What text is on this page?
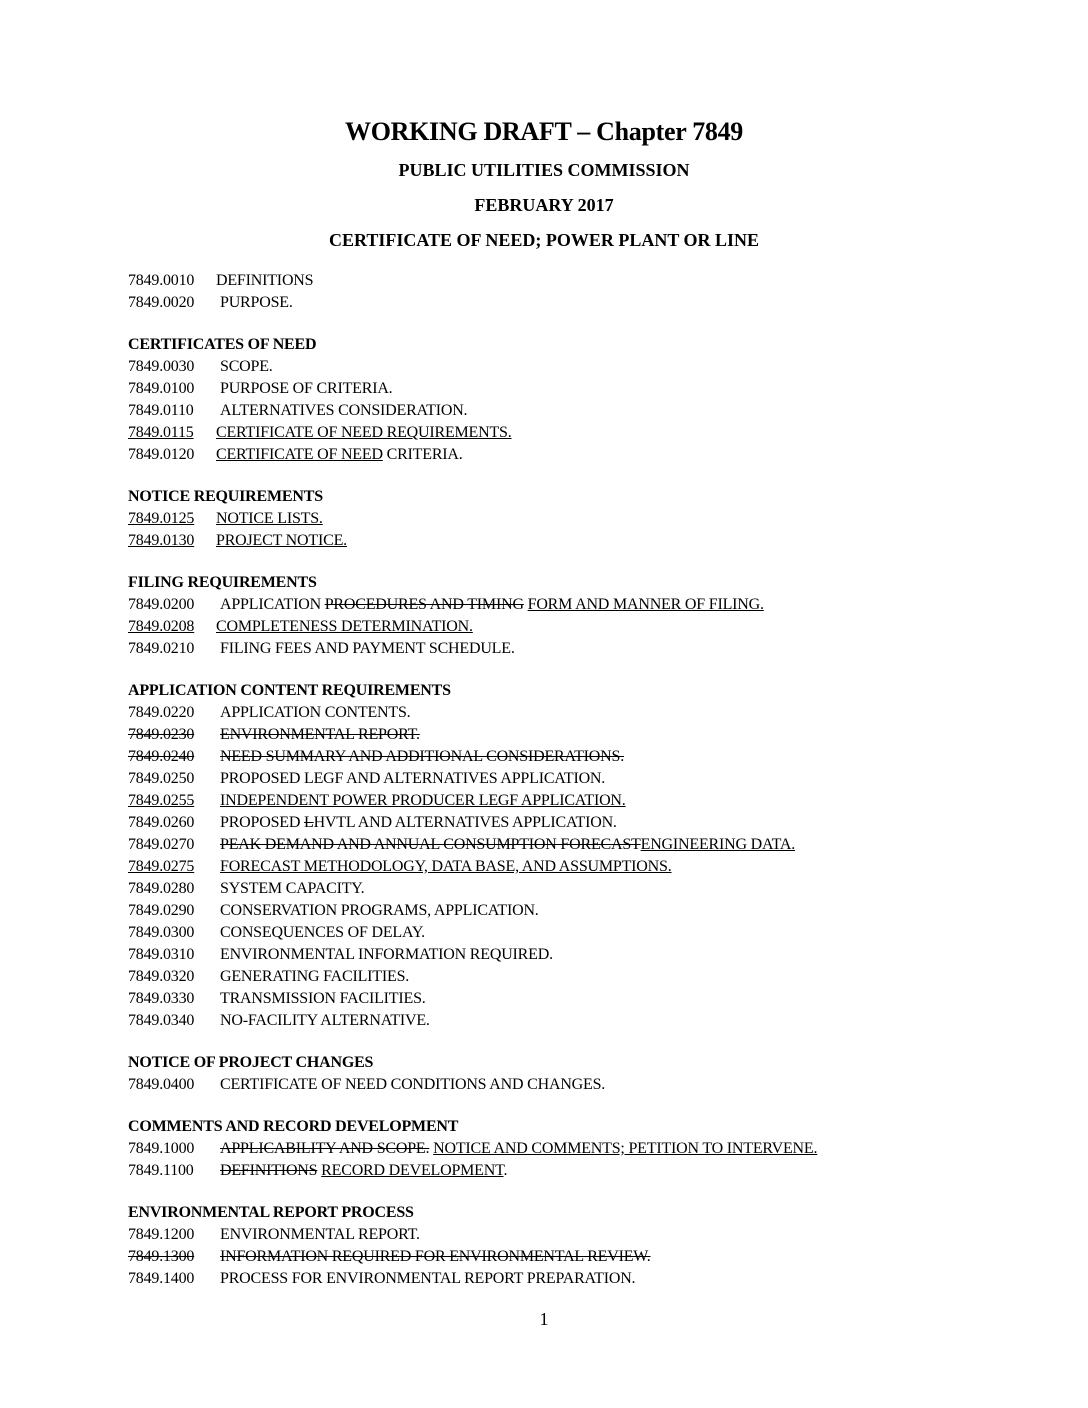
WORKING DRAFT – Chapter 7849
PUBLIC UTILITIES COMMISSION
FEBRUARY 2017
CERTIFICATE OF NEED; POWER PLANT OR LINE
7849.0010 DEFINITIONS
7849.0020 PURPOSE.
CERTIFICATES OF NEED
7849.0030 SCOPE.
7849.0100 PURPOSE OF CRITERIA.
7849.0110 ALTERNATIVES CONSIDERATION.
7849.0115 CERTIFICATE OF NEED REQUIREMENTS.
7849.0120 CERTIFICATE OF NEED CRITERIA.
NOTICE REQUIREMENTS
7849.0125 NOTICE LISTS.
7849.0130 PROJECT NOTICE.
FILING REQUIREMENTS
7849.0200 APPLICATION PROCEDURES AND TIMING FORM AND MANNER OF FILING.
7849.0208 COMPLETENESS DETERMINATION.
7849.0210 FILING FEES AND PAYMENT SCHEDULE.
APPLICATION CONTENT REQUIREMENTS
7849.0220 APPLICATION CONTENTS.
7849.0230 ENVIRONMENTAL REPORT.
7849.0240 NEED SUMMARY AND ADDITIONAL CONSIDERATIONS.
7849.0250 PROPOSED LEGF AND ALTERNATIVES APPLICATION.
7849.0255 INDEPENDENT POWER PRODUCER LEGF APPLICATION.
7849.0260 PROPOSED LHVTL AND ALTERNATIVES APPLICATION.
7849.0270 PEAK DEMAND AND ANNUAL CONSUMPTION FORECASTENGINEERING DATA.
7849.0275 FORECAST METHODOLOGY, DATA BASE, AND ASSUMPTIONS.
7849.0280 SYSTEM CAPACITY.
7849.0290 CONSERVATION PROGRAMS, APPLICATION.
7849.0300 CONSEQUENCES OF DELAY.
7849.0310 ENVIRONMENTAL INFORMATION REQUIRED.
7849.0320 GENERATING FACILITIES.
7849.0330 TRANSMISSION FACILITIES.
7849.0340 NO-FACILITY ALTERNATIVE.
NOTICE OF PROJECT CHANGES
7849.0400 CERTIFICATE OF NEED CONDITIONS AND CHANGES.
COMMENTS AND RECORD DEVELOPMENT
7849.1000 APPLICABILITY AND SCOPE. NOTICE AND COMMENTS; PETITION TO INTERVENE.
7849.1100 DEFINITIONS RECORD DEVELOPMENT.
ENVIRONMENTAL REPORT PROCESS
7849.1200 ENVIRONMENTAL REPORT.
7849.1300 INFORMATION REQUIRED FOR ENVIRONMENTAL REVIEW.
7849.1400 PROCESS FOR ENVIRONMENTAL REPORT PREPARATION.
1
